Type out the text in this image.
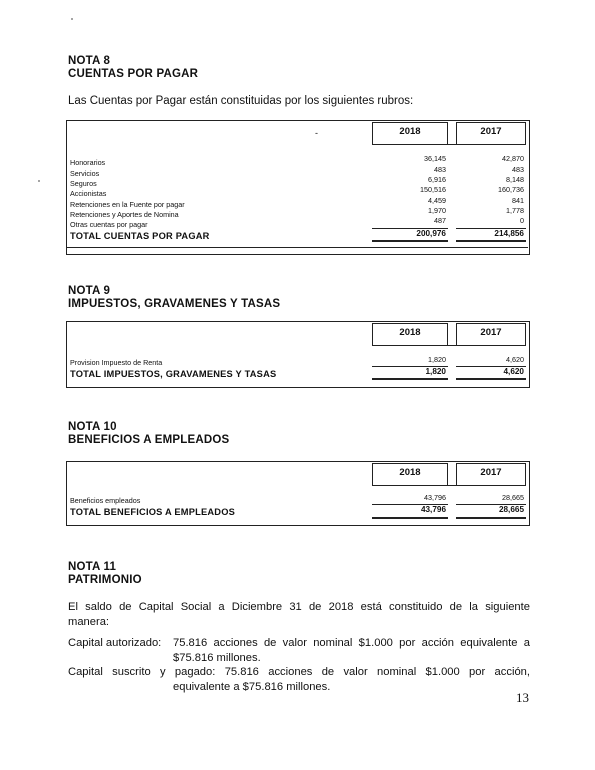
NOTA 8
CUENTAS POR PAGAR
Las Cuentas por Pagar están constituidas por los siguientes rubros:
2018	2017
-
Honorarios	36,145	42,870
Servicios	483	483
Seguros	6,916	8,148
Accionistas	150,516	160,736
Retenciones en la Fuente por pagar	4,459	841
Retenciones y Aportes de Nomina	1,970	1,778
Otras cuentas por pagar	487	0
TOTAL CUENTAS POR PAGAR	200,976	214,856
NOTA 9
IMPUESTOS, GRAVAMENES Y TASAS
2018	2017
Provision Impuesto de Renta	1,820	4,620
TOTAL IMPUESTOS, GRAVAMENES Y TASAS	1,820	4,620
NOTA 10
BENEFICIOS A EMPLEADOS
2018	2017
Beneficios empleados	43,796	28,665
TOTAL BENEFICIOS A EMPLEADOS	43,796	28,665
NOTA 11
PATRIMONIO
El saldo de Capital Social a Diciembre 31 de 2018 está constituido de la siguiente
manera:
Capital autorizado: 75.816 acciones de valor nominal $1.000 por acción equivalente a
$75.816 millones.
Capital suscrito y pagado: 75.816 acciones de valor nominal $1.000 por acción,
equivalente a $75.816 millones.
13
